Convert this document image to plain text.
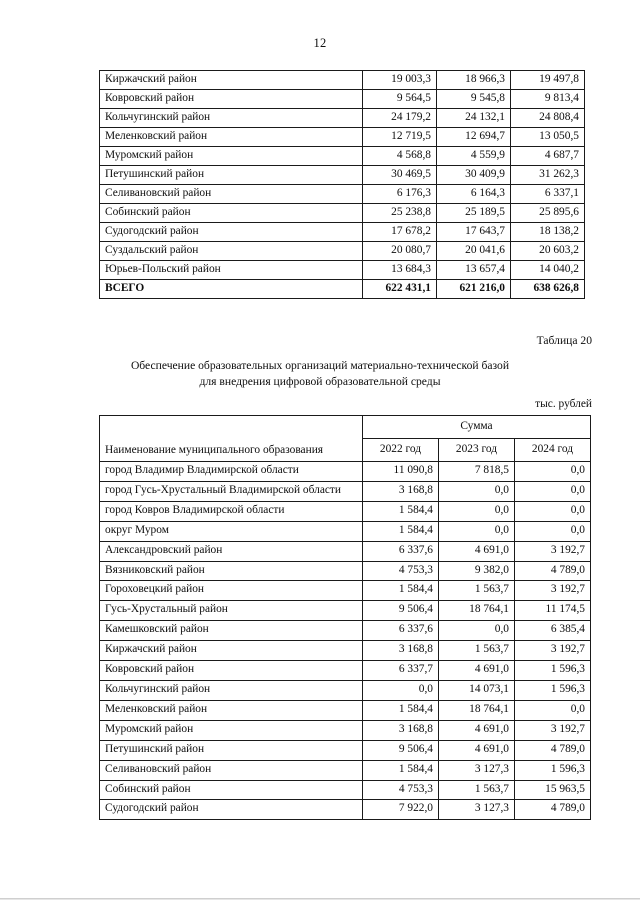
12
Киржачский район	19 003,3	18 966,3	19 497,8
Ковровский район	9 564,5	9 545,8	9 813,4
Кольчугинский район	24 179,2	24 132,1	24 808,4
Меленковский район	12 719,5	12 694,7	13 050,5
Муромский район	4 568,8	4 559,9	4 687,7
Петушинский район	30 469,5	30 409,9	31 262,3
Селивановский район	6 176,3	6 164,3	6 337,1
Собинский район	25 238,8	25 189,5	25 895,6
Судогодский район	17 678,2	17 643,7	18 138,2
Суздальский район	20 080,7	20 041,6	20 603,2
Юрьев-Польский район	13 684,3	13 657,4	14 040,2
ВСЕГО	622 431,1	621 216,0	638 626,8
Таблица 20
Обеспечение образовательных организаций материально-технической базой
для внедрения цифровой образовательной среды
тыс. рублей
Наименование муниципального образования	Сумма		
	2022 год	2023 год	2024 год
город Владимир Владимирской области	11 090,8	7 818,5	0,0
город Гусь-Хрустальный Владимирской области	3 168,8	0,0	0,0
город Ковров Владимирской области	1 584,4	0,0	0,0
округ Муром	1 584,4	0,0	0,0
Александровский район	6 337,6	4 691,0	3 192,7
Вязниковский район	4 753,3	9 382,0	4 789,0
Гороховецкий район	1 584,4	1 563,7	3 192,7
Гусь-Хрустальный район	9 506,4	18 764,1	11 174,5
Камешковский район	6 337,6	0,0	6 385,4
Киржачский район	3 168,8	1 563,7	3 192,7
Ковровский район	6 337,7	4 691,0	1 596,3
Кольчугинский район	0,0	14 073,1	1 596,3
Меленковский район	1 584,4	18 764,1	0,0
Муромский район	3 168,8	4 691,0	3 192,7
Петушинский район	9 506,4	4 691,0	4 789,0
Селивановский район	1 584,4	3 127,3	1 596,3
Собинский район	4 753,3	1 563,7	15 963,5
Судогодский район	7 922,0	3 127,3	4 789,0
